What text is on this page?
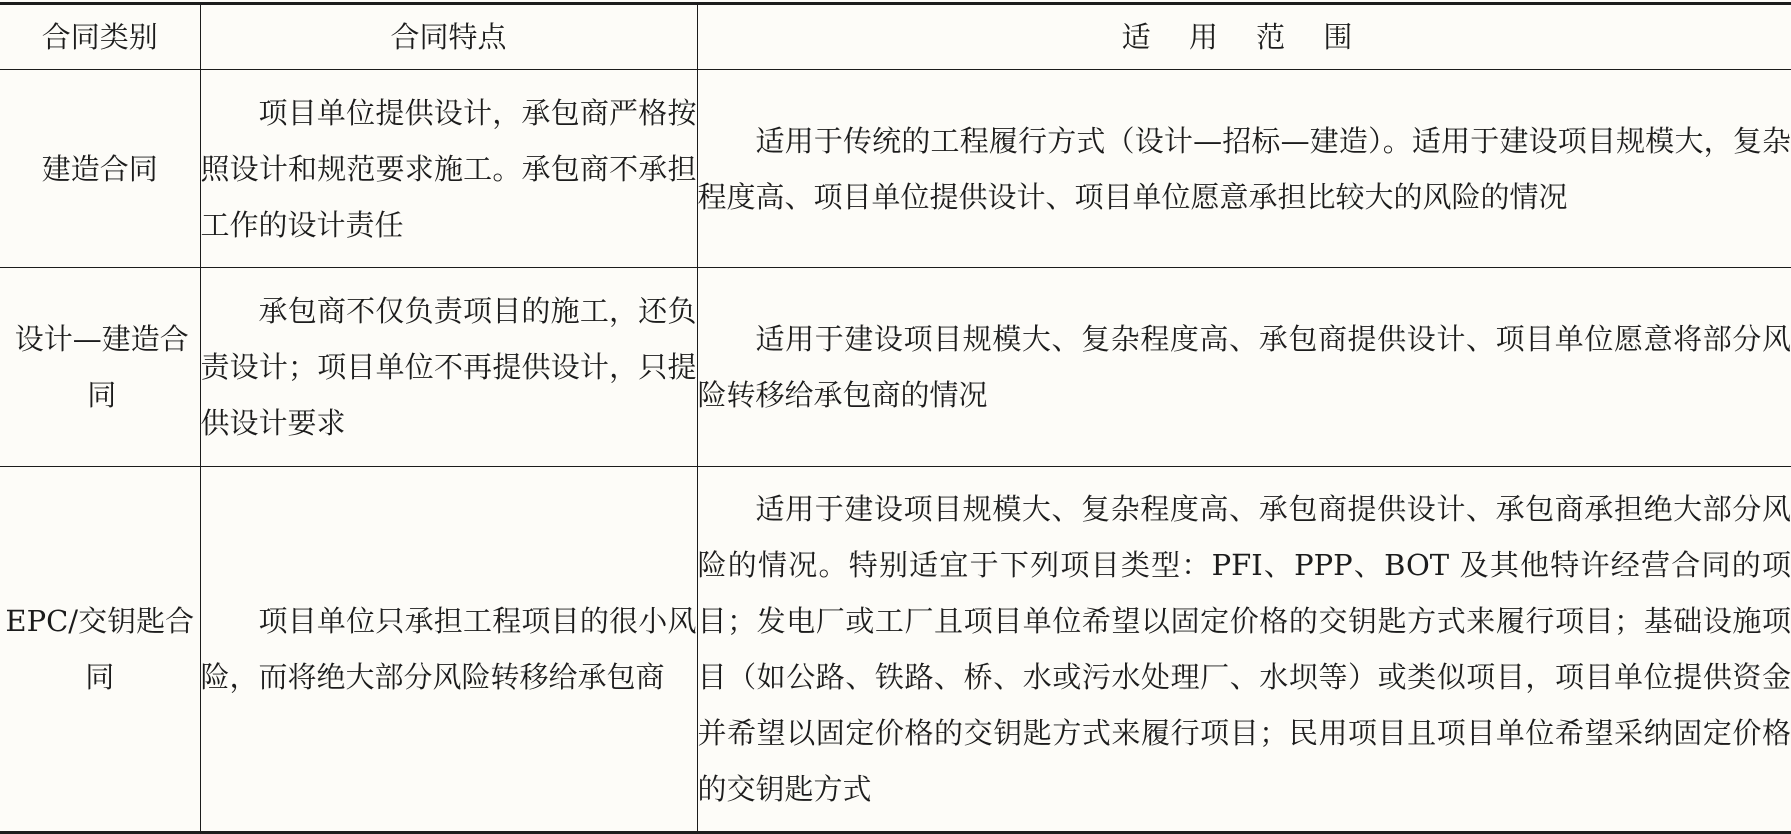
合同类别	合同特点	适 用 范 围

建造合同	项目单位提供设计，承包商严格按照设计和规范要求施工。承包商不承担工作的设计责任	适用于传统的工程履行方式（设计—招标—建造）。适用于建设项目规模大，复杂程度高、项目单位提供设计、项目单位愿意承担比较大的风险的情况

设计—建造合同	承包商不仅负责项目的施工，还负责设计；项目单位不再提供设计，只提供设计要求	适用于建设项目规模大、复杂程度高、承包商提供设计、项目单位愿意将部分风险转移给承包商的情况

EPC/交钥匙合同	项目单位只承担工程项目的很小风险，而将绝大部分风险转移给承包商	适用于建设项目规模大、复杂程度高、承包商提供设计、承包商承担绝大部分风险的情况。特别适宜于下列项目类型：PFI、PPP、BOT 及其他特许经营合同的项目；发电厂或工厂且项目单位希望以固定价格的交钥匙方式来履行项目；基础设施项目（如公路、铁路、桥、水或污水处理厂、水坝等）或类似项目，项目单位提供资金并希望以固定价格的交钥匙方式来履行项目；民用项目且项目单位希望采纳固定价格的交钥匙方式
